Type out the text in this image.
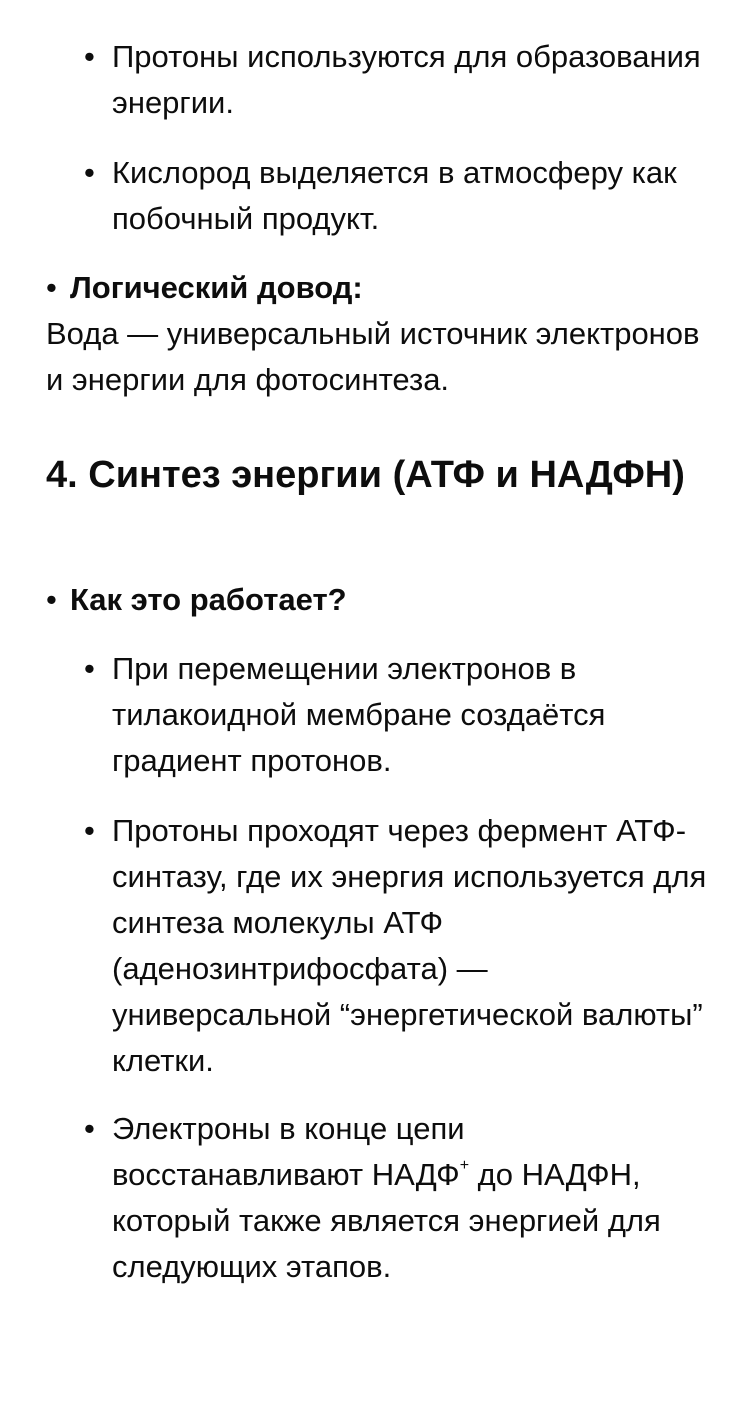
• Протоны используются для образования энергии.
• Кислород выделяется в атмосферу как побочный продукт.
• Логический довод:
Вода — универсальный источник электронов и энергии для фотосинтеза.
4. Синтез энергии (АТФ и НАДФН)
• Как это работает?
• При перемещении электронов в тилакоидной мембране создаётся градиент протонов.
• Протоны проходят через фермент АТФ-синтазу, где их энергия используется для синтеза молекулы АТФ (аденозинтрифосфата) — универсальной “энергетической валюты” клетки.
• Электроны в конце цепи восстанавливают НАДФ+ до НАДФН, который также является энергией для следующих этапов.
